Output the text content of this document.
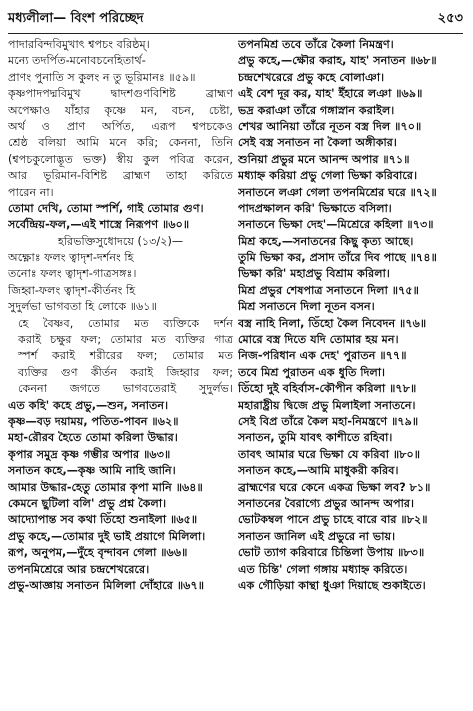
মধ্যলীলা— বিংশ পরিচ্ছেদ	২৫৩
পাদারবিন্দবিমুখাৎ শ্বপচং বরিষ্ঠম্।
মন্যে তদর্পিত-মনোবচনেহিতার্থ-
প্রাণং পুনাতি স কুলং ন তু ভূরিমানঃ ॥৫৯॥
কৃষ্ণপাদপদ্মবিমুখ দ্বাদশগুণবিশিষ্ট ব্রাহ্মণ
অপেক্ষাও যাঁহার কৃষ্ণে মন, বচন, চেষ্টা,
অর্থ ও প্রাণ অর্পিত, এরূপ শ্বপচকেও
শ্রেষ্ঠ বলিয়া আমি মনে করি; কেননা, তিনি
(শ্বপচকুলোদ্ভূত ভক্ত) স্বীয় কুল পবিত্র করেন,
আর ভূরিমান-বিশিষ্ট ব্রাহ্মণ তাহা করিতে
পারেন না।
তোমা দেখি, তোমা স্পর্শি, গাই তোমার গুণ।
সর্বেন্দ্রিয়-ফল,—এই শাস্ত্রে নিরূপণ ॥৬০॥
হরিভক্তিসুধোদয়ে (১৩/২)—
অক্ষ্ণোঃ ফলং ত্বাদৃশ-দর্শনং হি
তনোঃ ফলং ত্বাদৃশ-গাত্রসঙ্গঃ।
জিহ্বা-ফলং ত্বাদৃশ-কীর্তনং হি
সুদুর্লভা ভাগবতা হি লোকে ॥৬১॥
হে বৈষ্ণব, তোমার মত ব্যক্তিকে দর্শন
করাই চক্ষুর ফল; তোমার মত ব্যক্তির গাত্র
স্পর্শ করাই শরীরের ফল; তোমার মত
ব্যক্তির গুণ কীর্তন করাই জিহ্বার ফল;
কেননা জগতে ভাগবতেরাই সুদুর্লভ।
এত কহি' কহে প্রভু,—শুন, সনাতন।
কৃষ্ণ—বড় দয়াময়, পতিত-পাবন ॥৬২॥
মহা-রৌরব হৈতে তোমা করিলা উদ্ধার।
কৃপার সমুদ্র কৃষ্ণ গম্ভীর অপার ॥৬৩॥
সনাতন কহে,—কৃষ্ণ আমি নাহি জানি।
আমার উদ্ধার-হেতু তোমার কৃপা মানি ॥৬৪॥
কেমনে ছুটিলা বলি' প্রভু প্রশ্ন কৈলা।
আদ্যোপান্ত সব কথা তিঁহো শুনাইলা ॥৬৫॥
প্রভু কহে,—তোমার দুই ভাই প্রয়াগে মিলিলা।
রূপ, অনুপম,—দুঁহে বৃন্দাবন গেলা ॥৬৬॥
তপনমিশ্রেরে আর চন্দ্রশেখরেরে।
প্রভু-আজ্ঞায় সনাতন মিলিলা দোঁহারে ॥৬৭॥
তপনমিশ্র তবে তাঁরে কৈলা নিমন্ত্রণ।
প্রভু কহে,—ক্ষৌর করাহ, যাহ' সনাতন ॥৬৮॥
চন্দ্রশেখরেরে প্রভু কহে বোলাঞা।
এই বেশ দূর কর, যাহ' ইঁহারে লঞা ॥৬৯॥
ভদ্র করাঞা তাঁরে গঙ্গাস্নান করাইল।
শেখর আনিয়া তাঁরে নূতন বস্ত্র দিল ॥৭০॥
সেই বস্ত্র সনাতন না কৈলা অঙ্গীকার।
শুনিয়া প্রভুর মনে আনন্দ অপার ॥৭১॥
মধ্যাহ্ন করিয়া প্রভু গেলা ভিক্ষা করিবারে।
সনাতনে লঞা গেলা তপনমিশ্রের ঘরে ॥৭২॥
পাদপ্রক্ষালন করি' ভিক্ষাতে বসিলা।
সনাতনে ভিক্ষা দেহ'—মিশ্রেরে কহিলা ॥৭৩॥
মিশ্র কহে,—সনাতনের কিছু কৃত্য আছে।
তুমি ভিক্ষা কর, প্রসাদ তাঁরে দিব পাছে ॥৭৪॥
ভিক্ষা করি' মহাপ্রভু বিশ্রাম করিলা।
মিশ্র প্রভুর শেষপাত্র সনাতনে দিলা ॥৭৫॥
মিশ্র সনাতনে দিলা নূতন বসন।
বস্ত্র নাহি নিলা, তিঁহো কৈল নিবেদন ॥৭৬॥
মোরে বস্ত্র দিতে যদি তোমার হয় মন।
নিজ-পরিধান এক দেহ' পুরাতন ॥৭৭॥
তবে মিশ্র পুরাতন এক ধুতি দিলা।
তিঁহো দুই বহির্বাস-কৌপীন করিলা ॥৭৮॥
মহারাষ্ট্রীয় দ্বিজে প্রভু মিলাইলা সনাতনে।
সেই বিপ্র তাঁরে কৈল মহা-নিমন্ত্রণে ॥৭৯॥
সনাতন, তুমি যাবৎ কাশীতে রহিবা।
তাবৎ আমার ঘরে ভিক্ষা যে করিবা ॥৮০॥
সনাতন কহে,—আমি মাধুকরী করিব।
ব্রাহ্মণের ঘরে কেনে একত্র ভিক্ষা লব? ৮১॥
সনাতনের বৈরাগ্যে প্রভুর আনন্দ অপার।
ভোটকম্বল পানে প্রভু চাহে বারে বার ॥৮২॥
সনাতন জানিল এই প্রভুরে না ভায়।
ভোট ত্যাগ করিবারে চিন্তিলা উপায় ॥৮৩॥
এত চিন্তি' গেলা গঙ্গায় মধ্যাহ্ন করিতে।
এক গৌড়িয়া কান্থা ধুঞা দিয়াছে শুকাইতে।
